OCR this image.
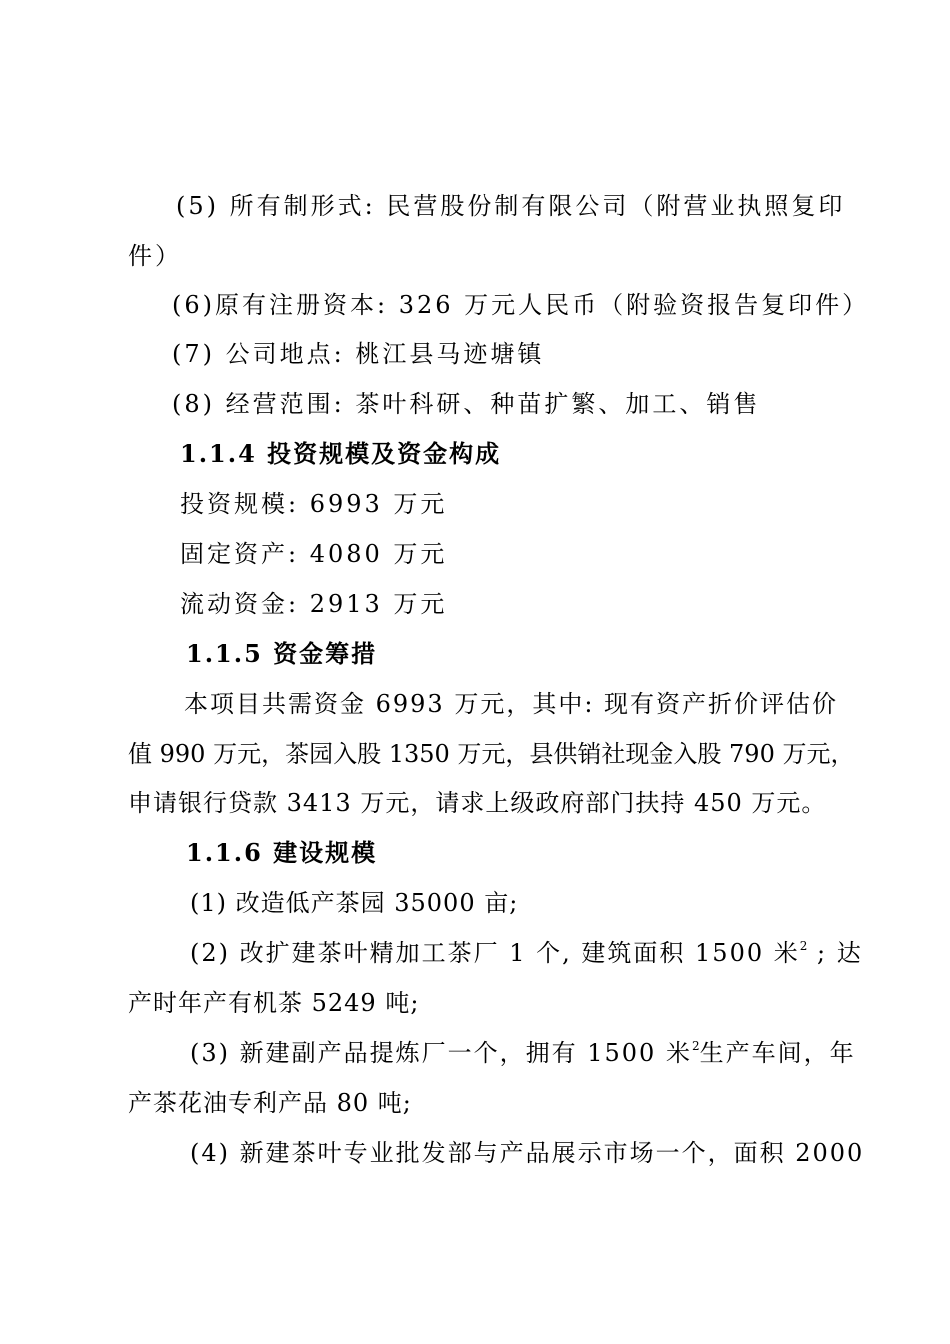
(5) 所有制形式: 民营股份制有限公司（附营业执照复印
件）
(6)原有注册资本: 326 万元人民币（附验资报告复印件）
(7) 公司地点: 桃江县马迹塘镇
(8) 经营范围: 茶叶科研、种苗扩繁、加工、销售
1.1.4 投资规模及资金构成
投资规模: 6993 万元
固定资产: 4080 万元
流动资金: 2913 万元
1.1.5 资金筹措
本项目共需资金 6993 万元，其中: 现有资产折价评估价
值 990 万元，茶园入股 1350 万元，县供销社现金入股 790 万元，
申请银行贷款 3413 万元，请求上级政府部门扶持 450 万元。
1.1.6 建设规模
(1) 改造低产茶园 35000 亩;
(2) 改扩建茶叶精加工茶厂 1 个, 建筑面积 1500 米$^2$ ; 达
产时年产有机茶 5249 吨;
(3) 新建副产品提炼厂一个，拥有 1500 米$^2$生产车间，年
产茶花油专利产品 80 吨;
(4) 新建茶叶专业批发部与产品展示市场一个，面积 2000
